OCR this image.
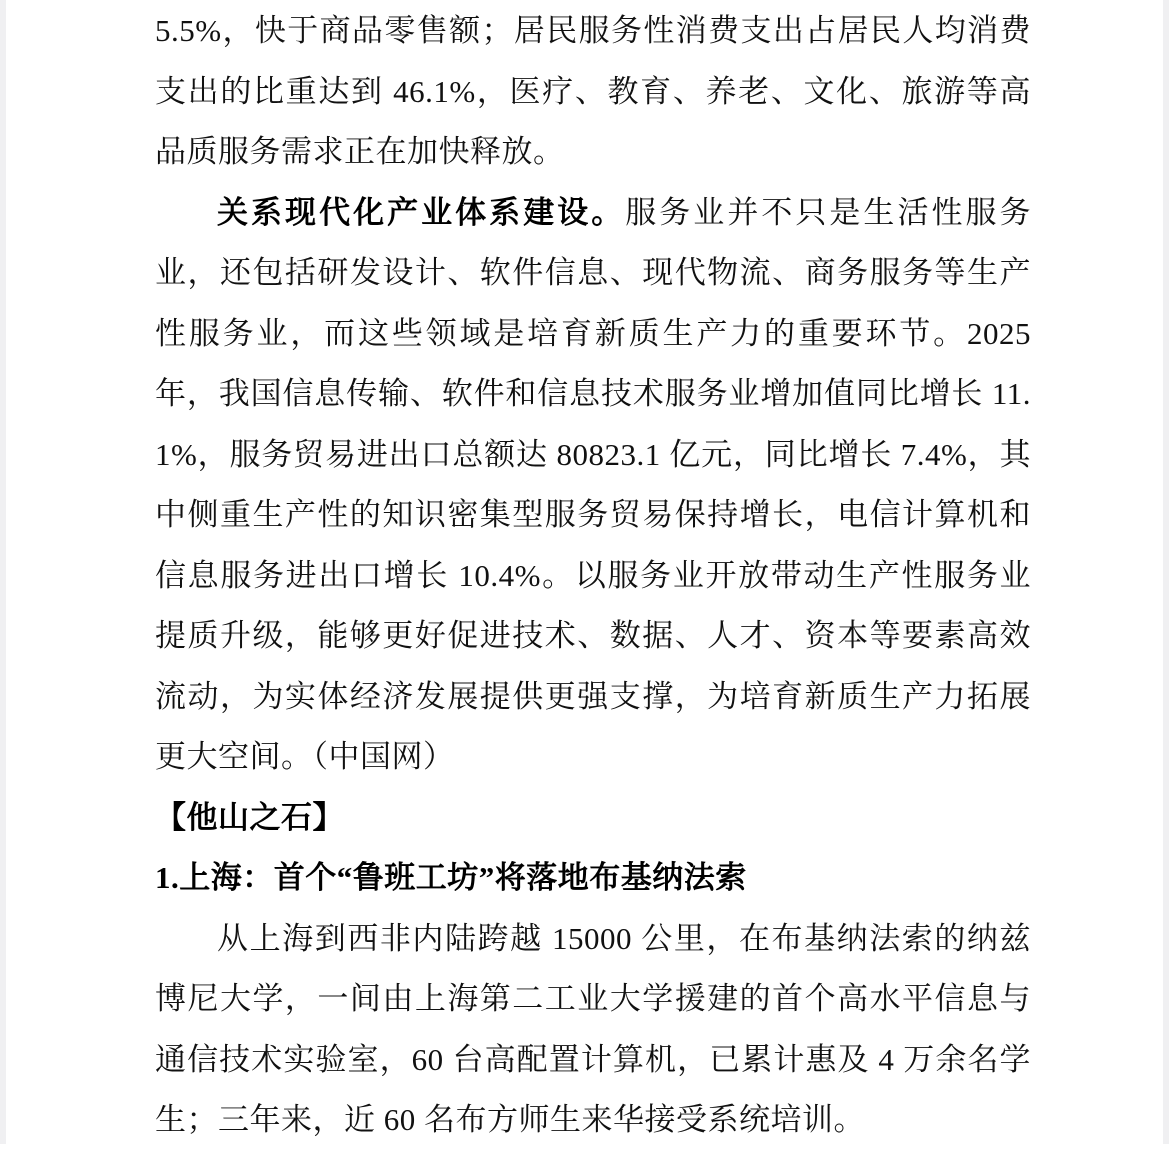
5.5%，快于商品零售额；居民服务性消费支出占居民人均消费支出的比重达到 46.1%，医疗、教育、养老、文化、旅游等高品质服务需求正在加快释放。

关系现代化产业体系建设。服务业并不只是生活性服务业，还包括研发设计、软件信息、现代物流、商务服务等生产性服务业，而这些领域是培育新质生产力的重要环节。2025 年，我国信息传输、软件和信息技术服务业增加值同比增长 11.1%，服务贸易进出口总额达 80823.1 亿元，同比增长 7.4%，其中侧重生产性的知识密集型服务贸易保持增长，电信计算机和信息服务进出口增长 10.4%。以服务业开放带动生产性服务业提质升级，能够更好促进技术、数据、人才、资本等要素高效流动，为实体经济发展提供更强支撑，为培育新质生产力拓展更大空间。（中国网）

【他山之石】

1.上海：首个“鲁班工坊”将落地布基纳法索

从上海到西非内陆跨越 15000 公里，在布基纳法索的纳兹博尼大学，一间由上海第二工业大学援建的首个高水平信息与通信技术实验室，60 台高配置计算机，已累计惠及 4 万余名学生；三年来，近 60 名布方师生来华接受系统培训。
